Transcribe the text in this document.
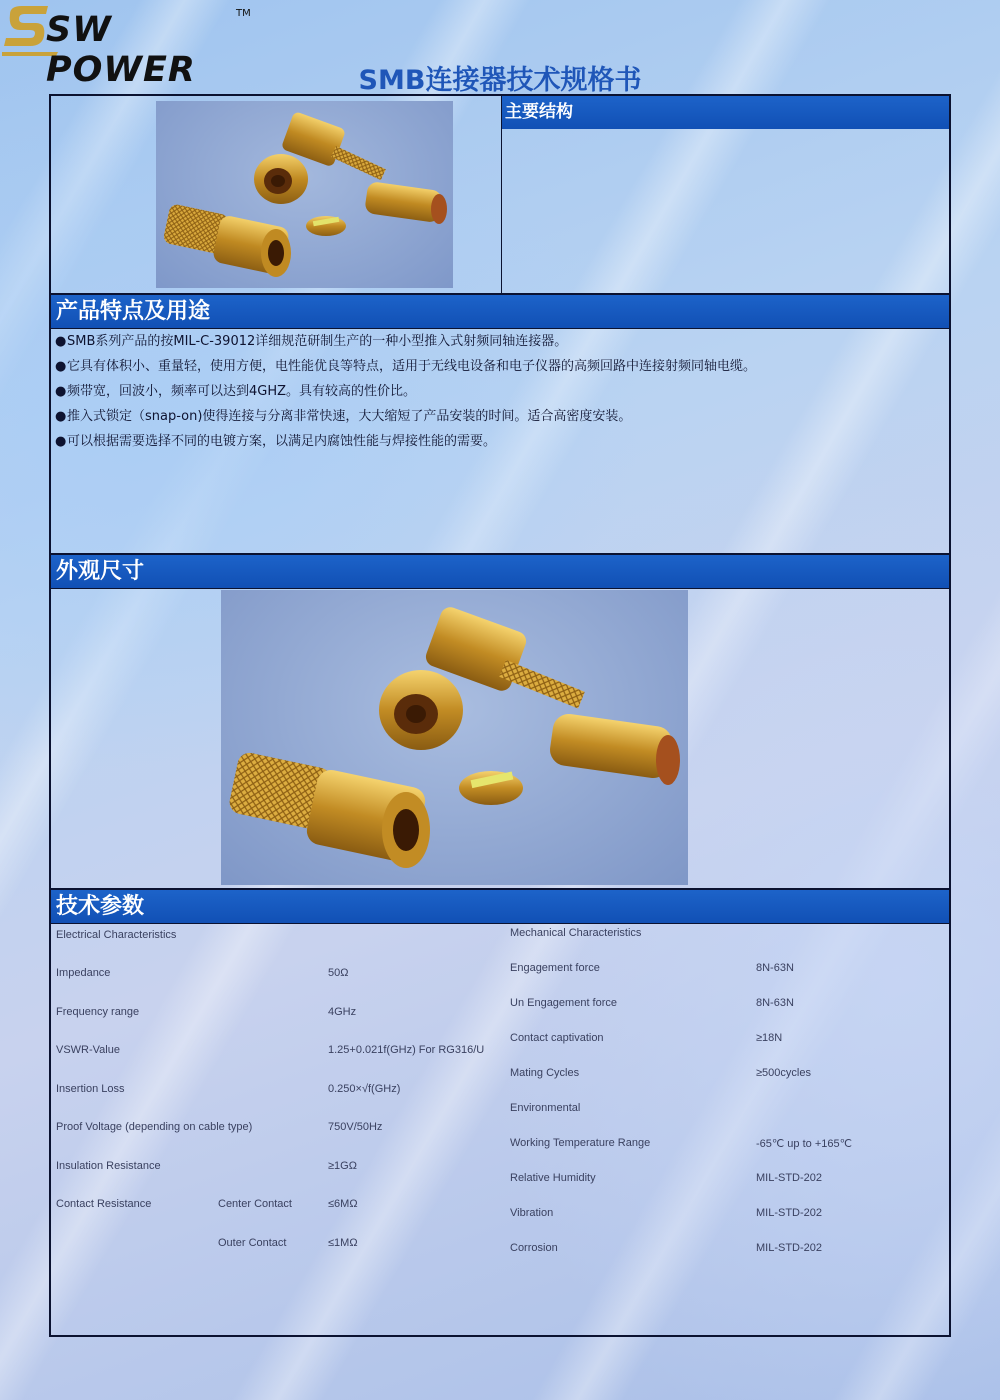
SW POWER
TM
SMB连接器技术规格书
主要结构
产品特点及用途
●SMB系列产品的按MIL-C-39012详细规范研制生产的一种小型推入式射频同轴连接器。
●它具有体积小、重量轻，使用方便，电性能优良等特点，适用于无线电设备和电子仪器的高频回路中连接射频同轴电缆。
●频带宽，回波小，频率可以达到4GHZ。具有较高的性价比。
●推入式锁定（snap-on)使得连接与分离非常快速，大大缩短了产品安装的时间。适合高密度安装。
●可以根据需要选择不同的电镀方案，以满足内腐蚀性能与焊接性能的需要。
外观尺寸
技术参数
Electrical Characteristics
Impedance	50Ω
Frequency range	4GHz
VSWR-Value	1.25+0.021f(GHz) For RG316/U
Insertion Loss	0.250×√f(GHz)
Proof Voltage (depending on cable type)	750V/50Hz
Insulation Resistance	≥1GΩ
Contact Resistance	Center Contact	≤6MΩ
Outer Contact	≤1MΩ
Mechanical Characteristics
Engagement force	8N-63N
Un Engagement force	8N-63N
Contact captivation	≥18N
Mating Cycles	≥500cycles
Environmental
Working Temperature Range	-65℃ up to +165℃
Relative Humidity	MIL-STD-202
Vibration	MIL-STD-202
Corrosion	MIL-STD-202
